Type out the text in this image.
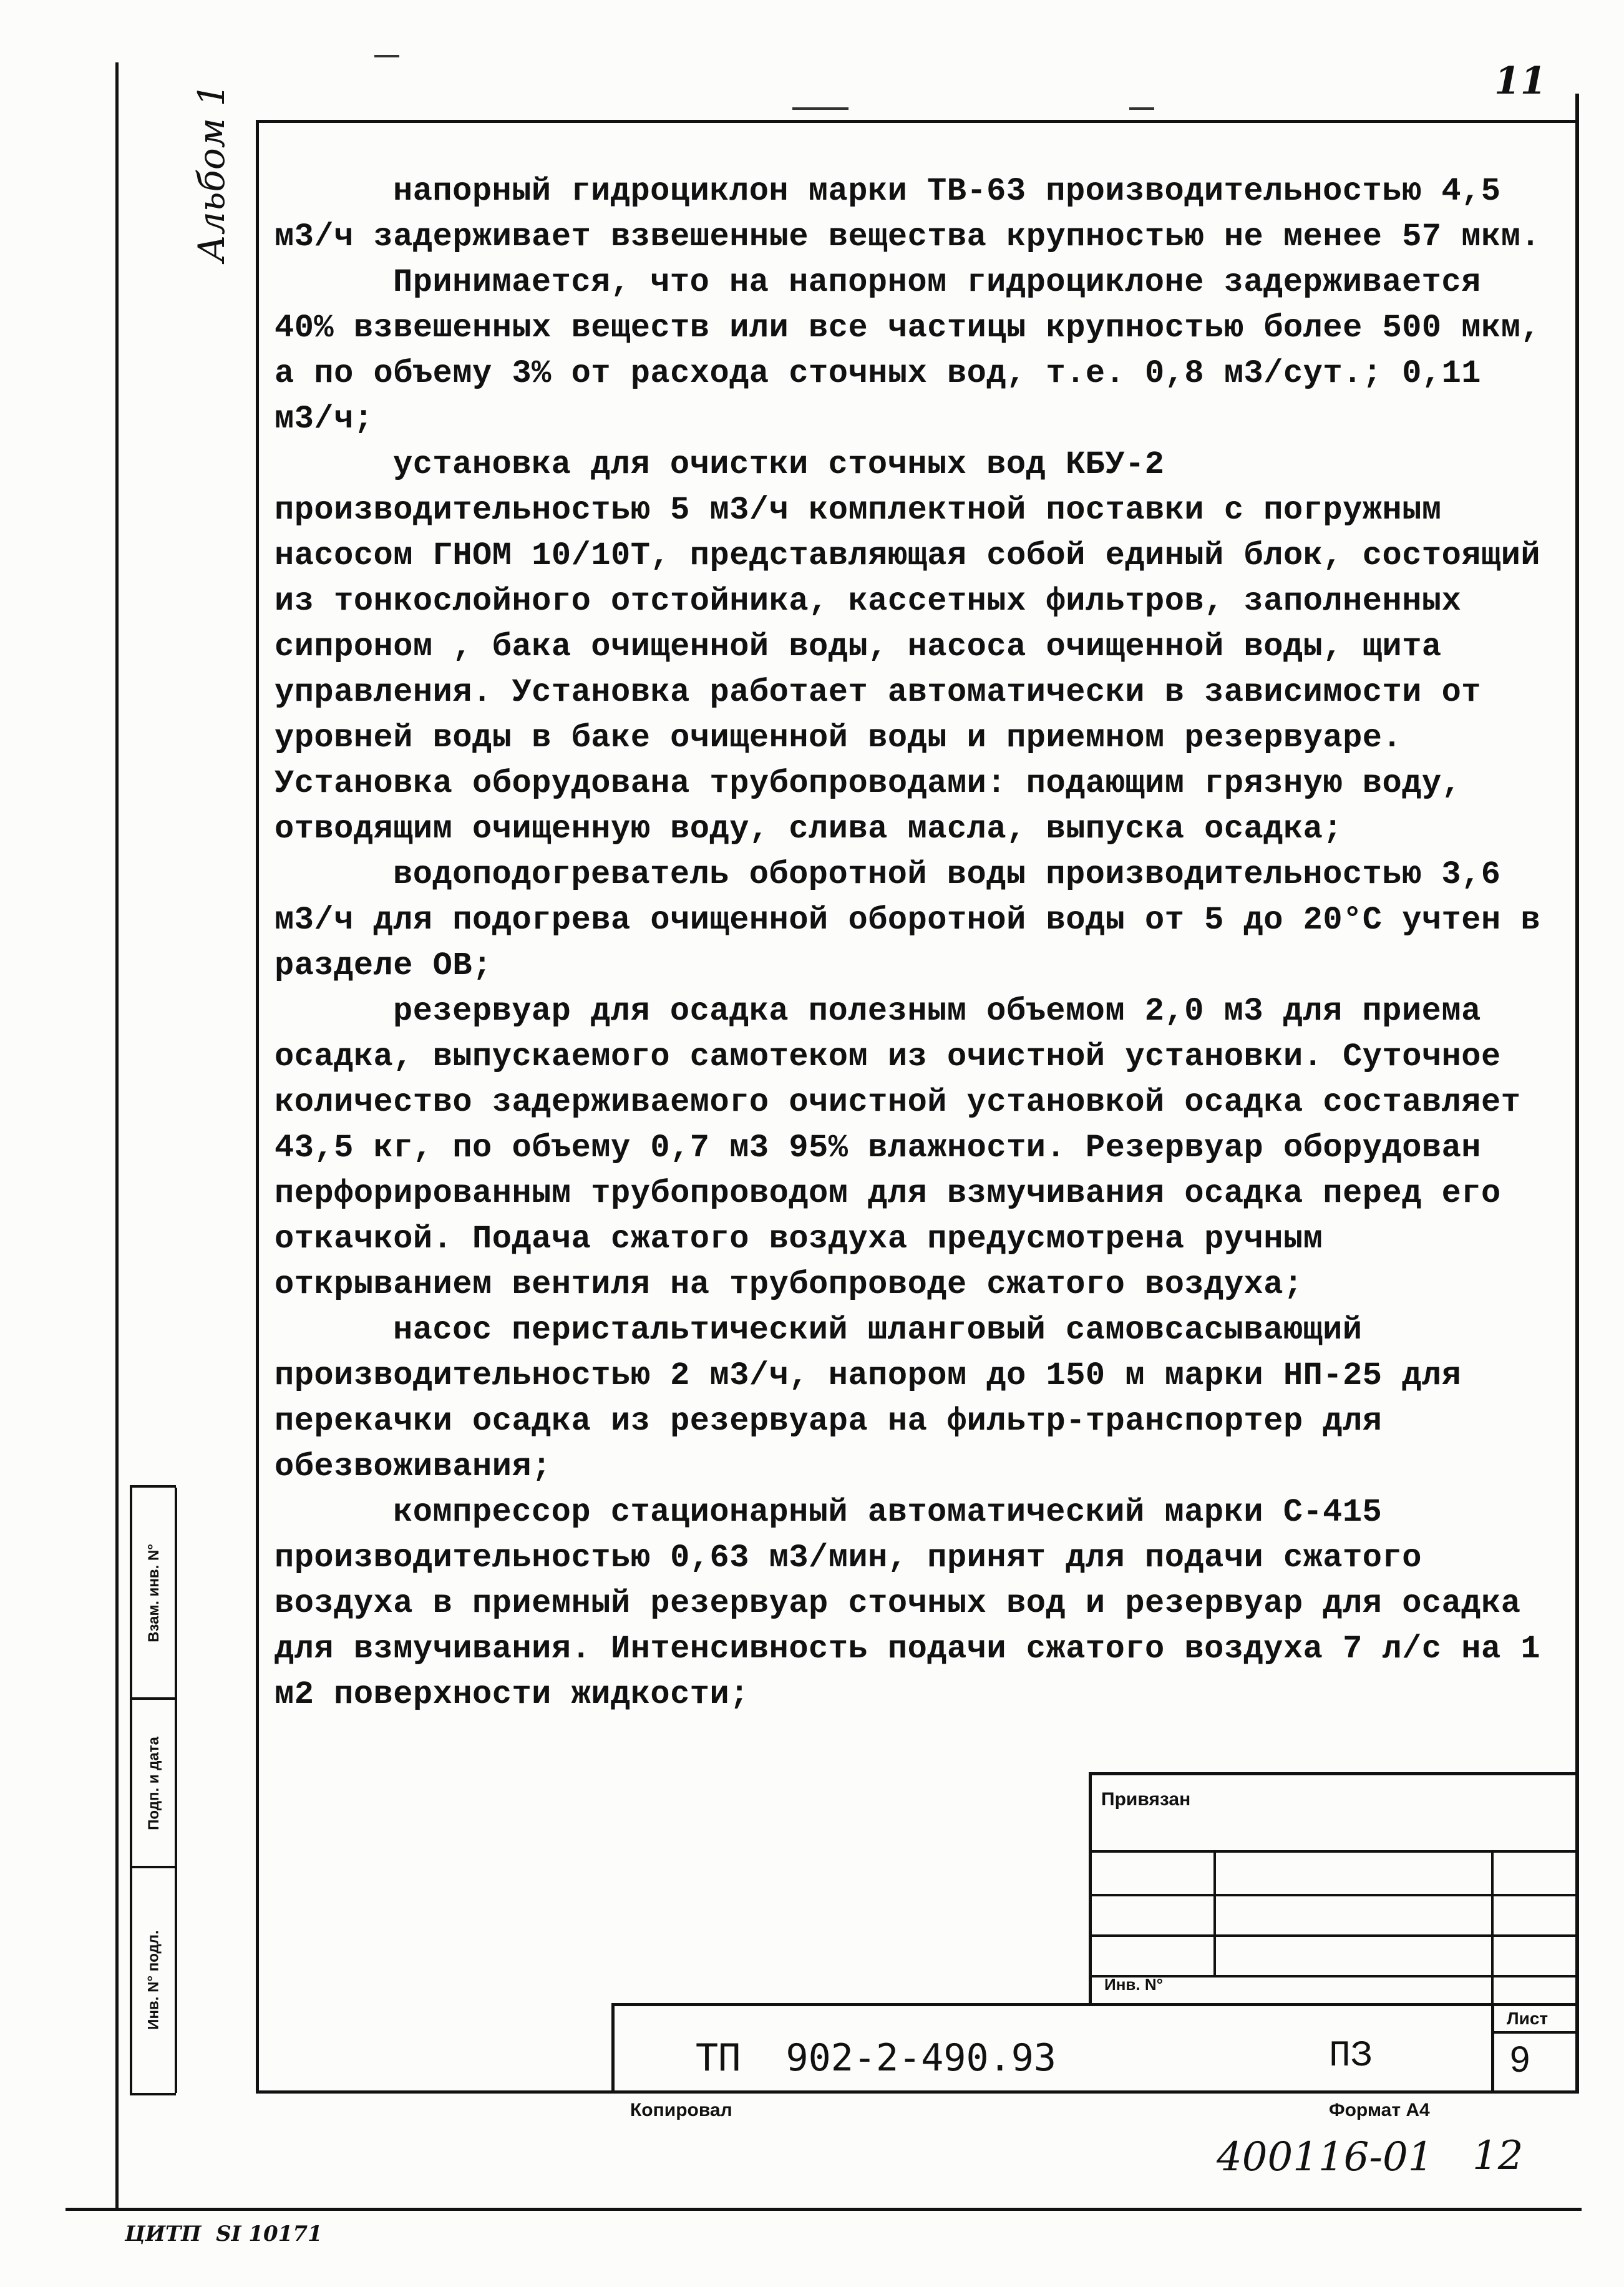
11
Альбом 1	напорный гидроциклон марки ТВ-63 производительностью 4,5 м3/ч задерживает взвешенные вещества крупностью не менее 57 мкм.

Принимается, что на напорном гидроциклоне задерживается 40% взвешенных веществ или все частицы крупностью более 500 мкм, а по объему 3% от расхода сточных вод, т.е. 0,8 м3/сут.; 0,11 м3/ч;

установка для очистки сточных вод КБУ-2 производительностью 5 м3/ч комплектной поставки с погружным насосом ГНОМ 10/10Т, представляющая собой единый блок, состоящий из тонкослойного отстойника, кассетных фильтров, заполненных сипроном , бака очищенной воды, насоса очищенной воды, щита управления. Установка работает автоматически в зависимости от уровней воды в баке очищенной воды и приемном резервуаре. Установка оборудована трубопроводами: подающим грязную воду, отводящим очищенную воду, слива масла, выпуска осадка;

водоподогреватель оборотной воды производительностью 3,6 м3/ч для подогрева очищенной оборотной воды от 5 до 20°С учтен в разделе ОВ;

резервуар для осадка полезным объемом 2,0 м3 для приема осадка, выпускаемого самотеком из очистной установки. Суточное количество задерживаемого очистной установкой осадка составляет 43,5 кг, по объему 0,7 м3 95% влажности. Резервуар оборудован перфорированным трубопроводом для взмучивания осадка перед его откачкой. Подача сжатого воздуха предусмотрена ручным открыванием вентиля на трубопроводе сжатого воздуха;

насос перистальтический шланговый самовсасывающий производительностью 2 м3/ч, напором до 150 м марки НП-25 для перекачки осадка из резервуара на фильтр-транспортер для обезвоживания;

компрессор стационарный автоматический марки С-415 производительностью 0,63 м3/мин, принят для подачи сжатого воздуха в приемный резервуар сточных вод и резервуар для осадка для взмучивания. Интенсивность подачи сжатого воздуха 7 л/с на 1 м2 поверхности жидкости;

Инв. N° подл.
Подп. и дата
Взам. инв. N°
Привязан
Инв. N°
ТП  902-2-490.93	ПЗ
Лист
9
Копировал	Формат А4
400116-01 12
ЦИТП  SI 10171
